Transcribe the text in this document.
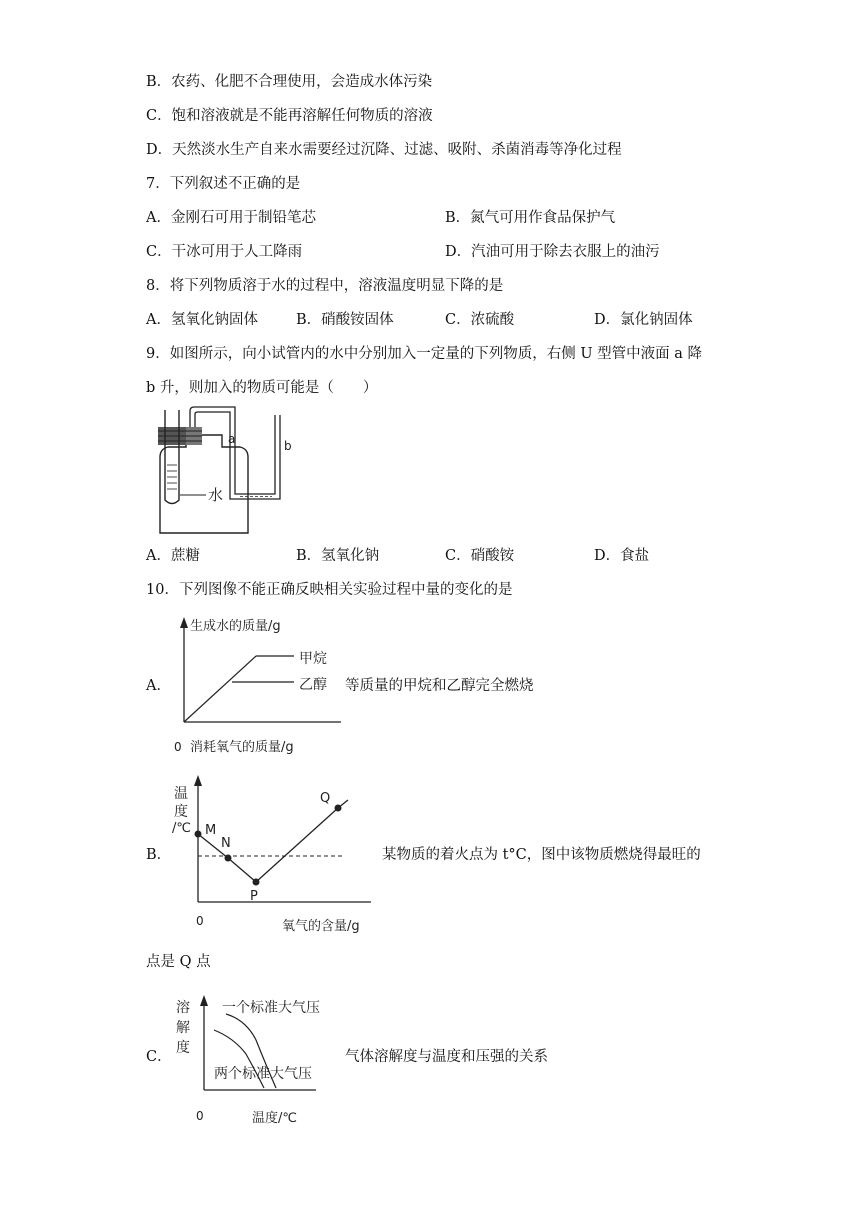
B．农药、化肥不合理使用，会造成水体污染
C．饱和溶液就是不能再溶解任何物质的溶液
D．天然淡水生产自来水需要经过沉降、过滤、吸附、杀菌消毒等净化过程
7．下列叙述不正确的是
A．金刚石可用于制铅笔芯	B．氮气可用作食品保护气
C．干冰可用于人工降雨	D．汽油可用于除去衣服上的油污
8．将下列物质溶于水的过程中，溶液温度明显下降的是
A．氢氧化钠固体	B．硝酸铵固体	C．浓硫酸	D．氯化钠固体
9．如图所示，向小试管内的水中分别加入一定量的下列物质，右侧 U 型管中液面 a 降
b 升，则加入的物质可能是（　　）
a	b
水
A．蔗糖	B．氢氧化钠	C．硝酸铵	D．食盐
10．下列图像不能正确反映相关实验过程中量的变化的是
A．
生成水的质量/g
甲烷
乙醇
0 消耗氧气的质量/g
等质量的甲烷和乙醇完全燃烧
B．
温
度
/℃ M
N
P
Q
0	氧气的含量/g
某物质的着火点为 t°C，图中该物质燃烧得最旺的
点是 Q 点
C．
溶
解
度
一个标准大气压
两个标准大气压
0	温度/℃
气体溶解度与温度和压强的关系
